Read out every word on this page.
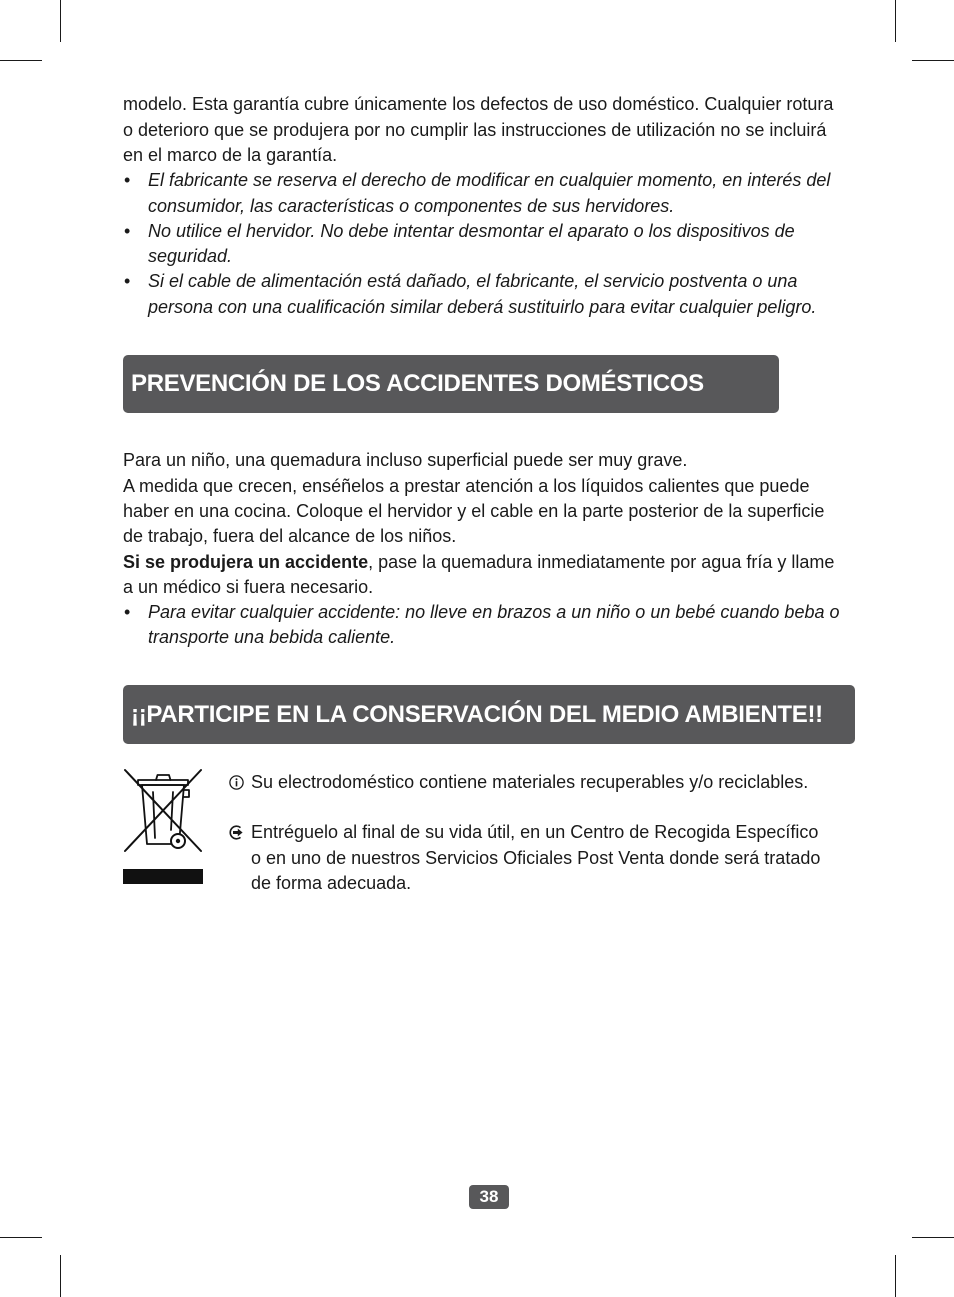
modelo. Esta garantía cubre únicamente los defectos de uso doméstico. Cualquier rotura
o deterioro que se produjera por no cumplir las instrucciones de utilización no se incluirá
en el marco de la garantía.
• El fabricante se reserva el derecho de modificar en cualquier momento, en interés del
consumidor, las características o componentes de sus hervidores.
• No utilice el hervidor. No debe intentar desmontar el aparato o los dispositivos de
seguridad.
• Si el cable de alimentación está dañado, el fabricante, el servicio postventa o una
persona con una cualificación similar deberá sustituirlo para evitar cualquier peligro.
PREVENCIÓN DE LOS ACCIDENTES DOMÉSTICOS
Para un niño, una quemadura incluso superficial puede ser muy grave.
A medida que crecen, enséñelos a prestar atención a los líquidos calientes que puede
haber en una cocina. Coloque el hervidor y el cable en la parte posterior de la superficie
de trabajo, fuera del alcance de los niños.
Si se produjera un accidente, pase la quemadura inmediatamente por agua fría y llame
a un médico si fuera necesario.
• Para evitar cualquier accidente: no lleve en brazos a un niño o un bebé cuando beba o
transporte una bebida caliente.
¡¡PARTICIPE EN LA CONSERVACIÓN DEL MEDIO AMBIENTE!!
Su electrodoméstico contiene materiales recuperables y/o reciclables.
Entréguelo al final de su vida útil, en un Centro de Recogida Específico
o en uno de nuestros Servicios Oficiales Post Venta donde será tratado
de forma adecuada.
38
